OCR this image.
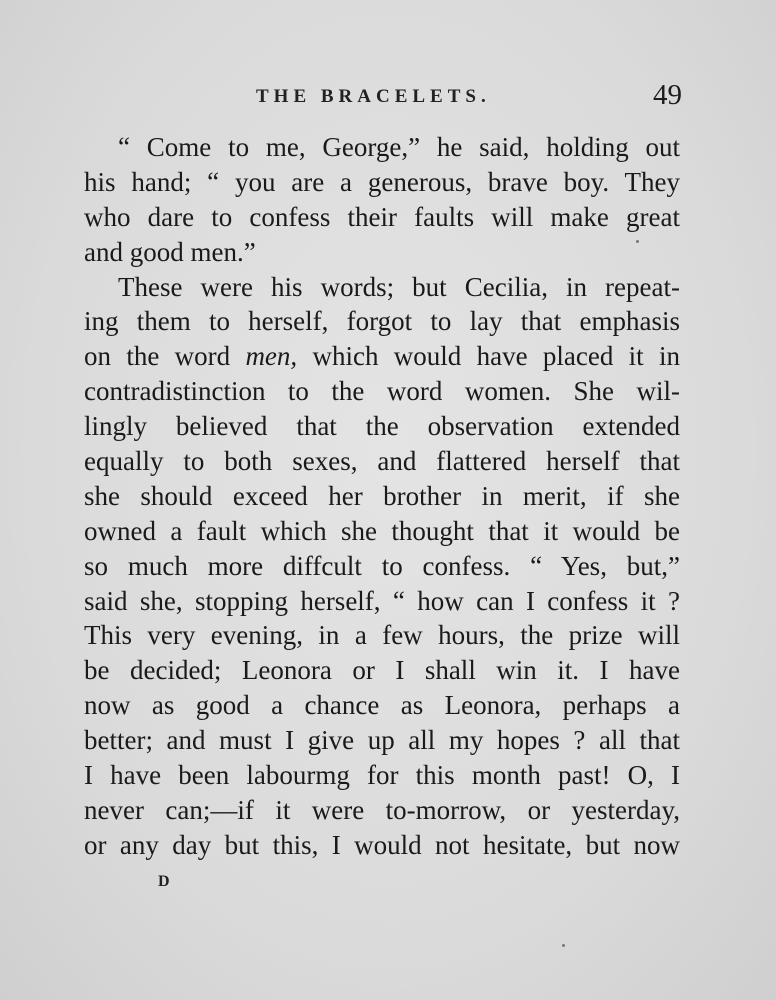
THE BRACELETS.	49
“ Come to me, George,” he said, holding out
his hand; “ you are a generous, brave boy. They
who dare to confess their faults will make great
and good men.”
These were his words; but Cecilia, in repeat-
ing them to herself, forgot to lay that emphasis
on the word men, which would have placed it in
contradistinction to the word women. She wil-
lingly believed that the observation extended
equally to both sexes, and flattered herself that
she should exceed her brother in merit, if she
owned a fault which she thought that it would be
so much more diffcult to confess. “ Yes, but,”
said she, stopping herself, “ how can I confess it ?
This very evening, in a few hours, the prize will
be decided; Leonora or I shall win it. I have
now as good a chance as Leonora, perhaps a
better; and must I give up all my hopes ? all that
I have been labourmg for this month past! O, I
never can;—if it were to-morrow, or yesterday,
or any day but this, I would not hesitate, but now
D
